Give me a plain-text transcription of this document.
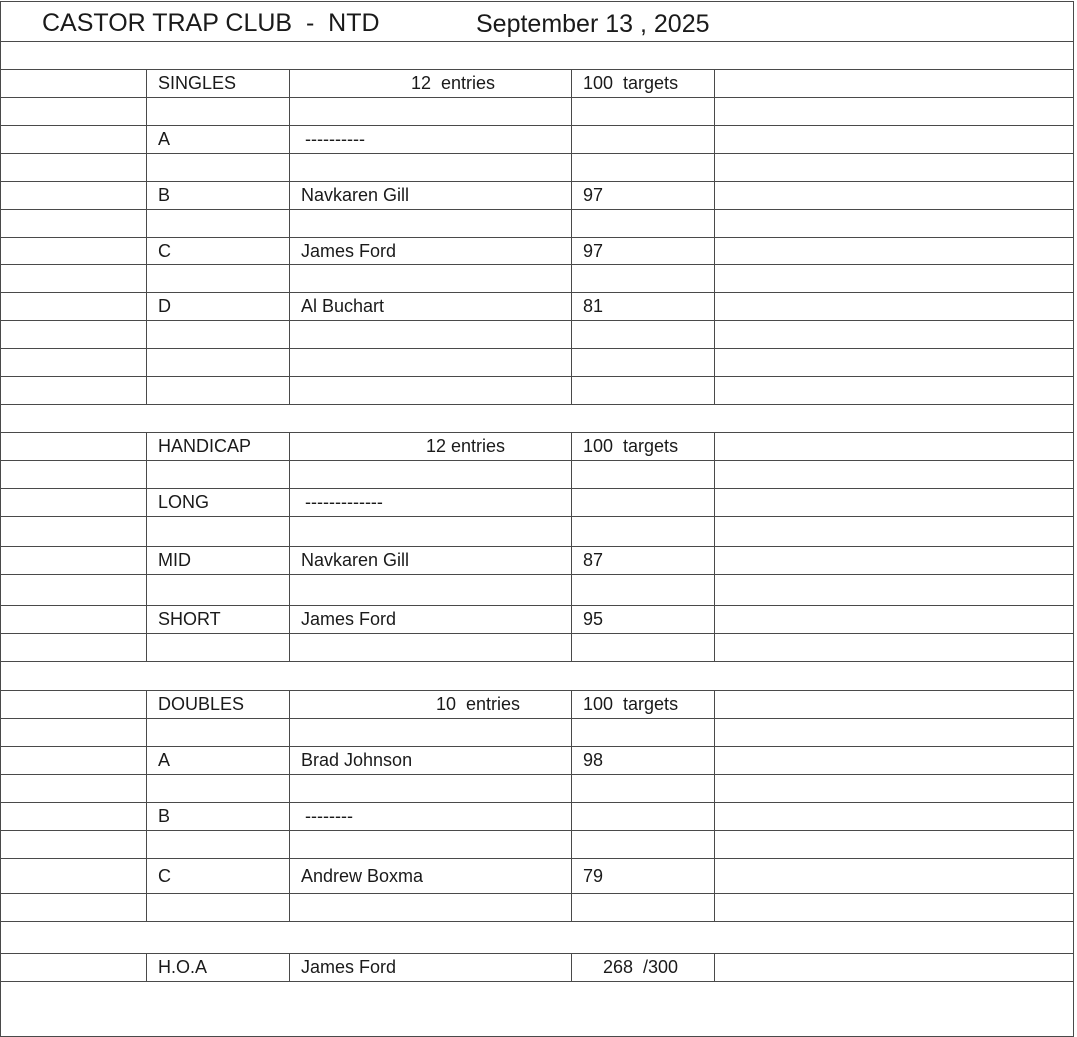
CASTOR TRAP CLUB  -  NTD	September 13 , 2025
SINGLES	12  entries	100  targets
A	----------
B	Navkaren Gill	97
C	James Ford	97
D	Al Buchart	81
HANDICAP	12 entries	100  targets
LONG	-------------
MID	Navkaren Gill	87
SHORT	James Ford	95
DOUBLES	10  entries	100  targets
A	Brad Johnson	98
B	--------
C	Andrew Boxma	79
H.O.A	James Ford	268  /300
